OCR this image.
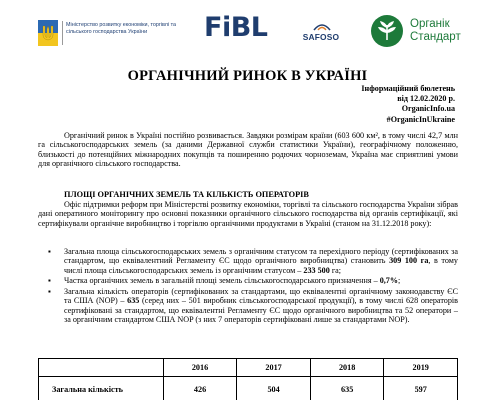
Міністерство розвитку економіки, торгівлі та сільського господарства України	FiBL	SAFOSO
Органік
Стандарт
ОРГАНІЧНИЙ РИНОК В УКРАЇНІ
Інформаційний бюлетень
від 12.02.2020 р.
OrganicInfo.ua
#OrganicInUkraine

Органічний ринок в Україні постійно розвивається. Завдяки розмірам країни (603 600 км², в тому числі 42,7 млн га сільськогосподарських земель (за даними Державної служби статистики України), географічному положенню, близькості до потенційних міжнародних покупців та поширенню родючих чорноземам, Україна має сприятливі умови для органічного сільського господарства.

ПЛОЩІ ОРГАНІЧНИХ ЗЕМЕЛЬ ТА КІЛЬКІСТЬ ОПЕРАТОРІВ

Офіс підтримки реформ при Міністерстві розвитку економіки, торгівлі та сільського господарства України зібрав дані оператиного моніторингу про основні показники органічного сільського господарства від органів сертифікації, які сертифікували органічне виробництво і торгівлю органічними продуктами в Україні (станом на 31.12.2018 року):

▪ Загальна площа сільськогосподарських земель з органічним статусом та перехідного періоду (сертифікованих за стандартом, що еквівалентний Регламенту ЄС щодо органічного виробництва) становить 309 100 га, в тому числі площа сільськогосподарських земель із органічним статусом – 233 500 га;
▪ Частка органічних земель в загальній площі земель сільськогосподарського призначення – 0,7%;
▪ Загальна кількість операторів (сертифікованих за стандартами, що еквівалентні органічному законодавству ЄС та США (NOP) – 635 (серед них – 501 виробник сільськогосподарської продукції), в тому числі 628 операторів сертифіковані за стандартом, що еквівалентні Регламенту ЄС щодо органічного виробництва та 52 оператори – за органічним стандартом США NOP (з них 7 операторів сертифіковані лише за стандартами NOP).
	2016	2017	2018	2019
Загальна кількість	426	504	635	597
